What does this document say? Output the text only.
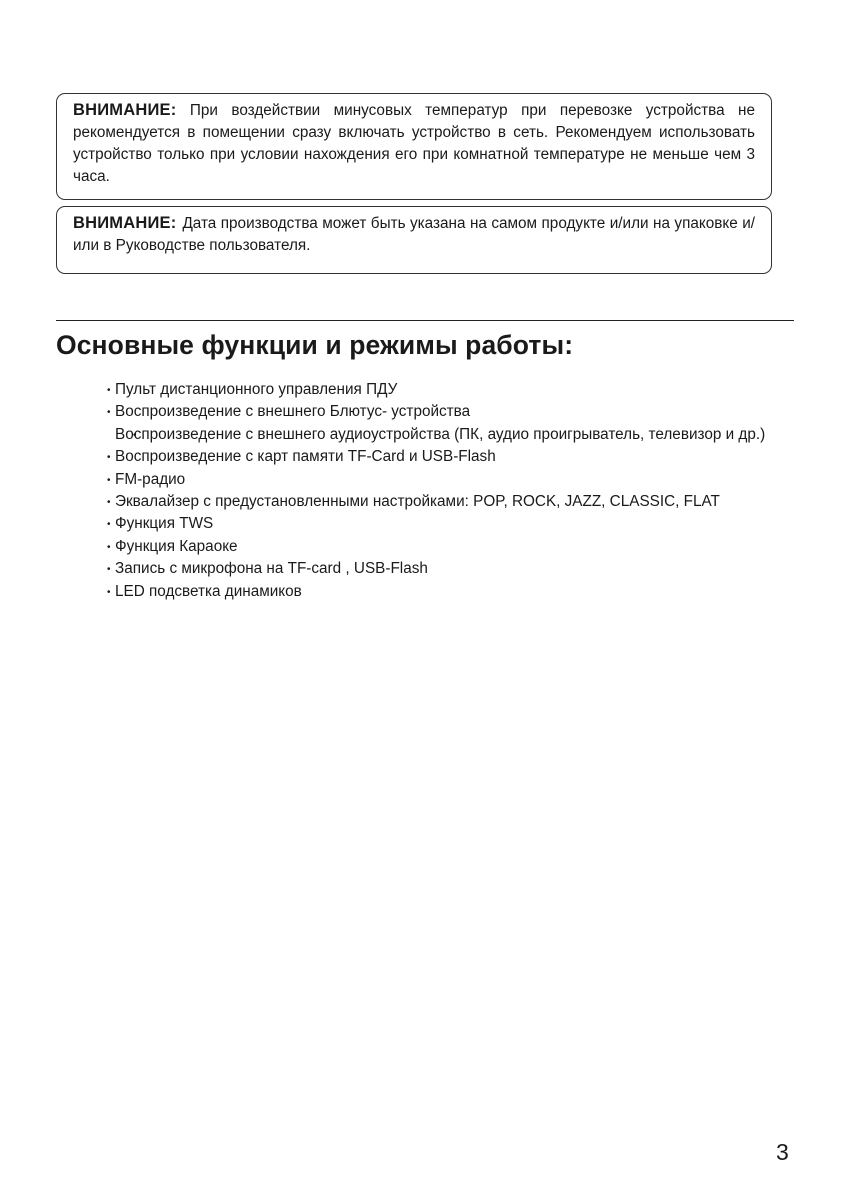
ВНИМАНИЕ: При воздействии минусовых температур при перевозке устройства не рекомендуется в помещении сразу включать устройство в сеть. Рекомендуем использовать устройство только при условии нахождения его при комнатной температуре не меньше чем 3 часа.
ВНИМАНИЕ: Дата производства может быть указана на самом продукте и/или на упаковке и/или в Руководстве пользователя.
Основные функции и режимы работы:
• Пульт дистанционного управления ПДУ
• Воспроизведение с внешнего Блютус- устройства
• Воспроизведение с внешнего аудиоустройства (ПК, аудио проигрыватель, телевизор и др.)
• Воспроизведение с карт памяти TF-Card и USB-Flash
• FM-радио
• Эквалайзер с предустановленными настройками: POP, ROCK, JAZZ, CLASSIC, FLAT
• Функция TWS
• Функция Караоке
• Запись с микрофона на TF-card , USB-Flash
• LED подсветка динамиков
3
